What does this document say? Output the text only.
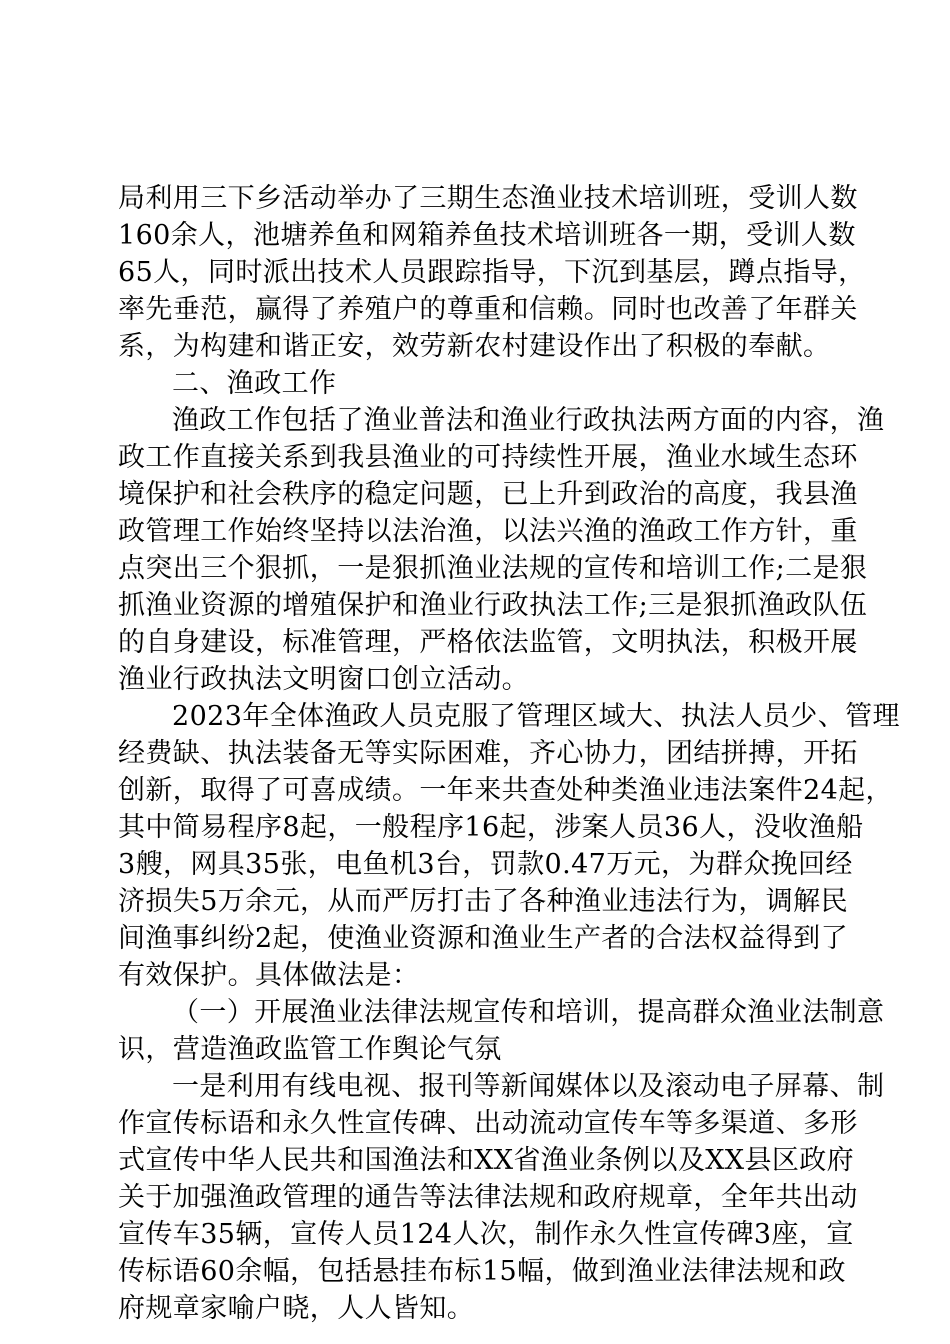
局利用三下乡活动举办了三期生态渔业技术培训班，受训人数
160余人，池塘养鱼和网箱养鱼技术培训班各一期，受训人数
65人，同时派出技术人员跟踪指导，下沉到基层，蹲点指导，
率先垂范，赢得了养殖户的尊重和信赖。同时也改善了年群关
系，为构建和谐正安，效劳新农村建设作出了积极的奉献。
二、渔政工作
渔政工作包括了渔业普法和渔业行政执法两方面的内容，渔
政工作直接关系到我县渔业的可持续性开展，渔业水域生态环
境保护和社会秩序的稳定问题，已上升到政治的高度，我县渔
政管理工作始终坚持以法治渔，以法兴渔的渔政工作方针，重
点突出三个狠抓，一是狠抓渔业法规的宣传和培训工作;二是狠
抓渔业资源的增殖保护和渔业行政执法工作;三是狠抓渔政队伍
的自身建设，标准管理，严格依法监管，文明执法，积极开展
渔业行政执法文明窗口创立活动。
2023年全体渔政人员克服了管理区域大、执法人员少、管理
经费缺、执法装备无等实际困难，齐心协力，团结拼搏，开拓
创新，取得了可喜成绩。一年来共查处种类渔业违法案件24起，
其中简易程序8起，一般程序16起，涉案人员36人，没收渔船
3艘，网具35张，电鱼机3台，罚款0.47万元，为群众挽回经
济损失5万余元，从而严厉打击了各种渔业违法行为，调解民
间渔事纠纷2起，使渔业资源和渔业生产者的合法权益得到了
有效保护。具体做法是：
（一）开展渔业法律法规宣传和培训，提高群众渔业法制意
识，营造渔政监管工作舆论气氛
一是利用有线电视、报刊等新闻媒体以及滚动电子屏幕、制
作宣传标语和永久性宣传碑、出动流动宣传车等多渠道、多形
式宣传中华人民共和国渔法和XX省渔业条例以及XX县区政府
关于加强渔政管理的通告等法律法规和政府规章，全年共出动
宣传车35辆，宣传人员124人次，制作永久性宣传碑3座，宣
传标语60余幅，包括悬挂布标15幅，做到渔业法律法规和政
府规章家喻户晓，人人皆知。
